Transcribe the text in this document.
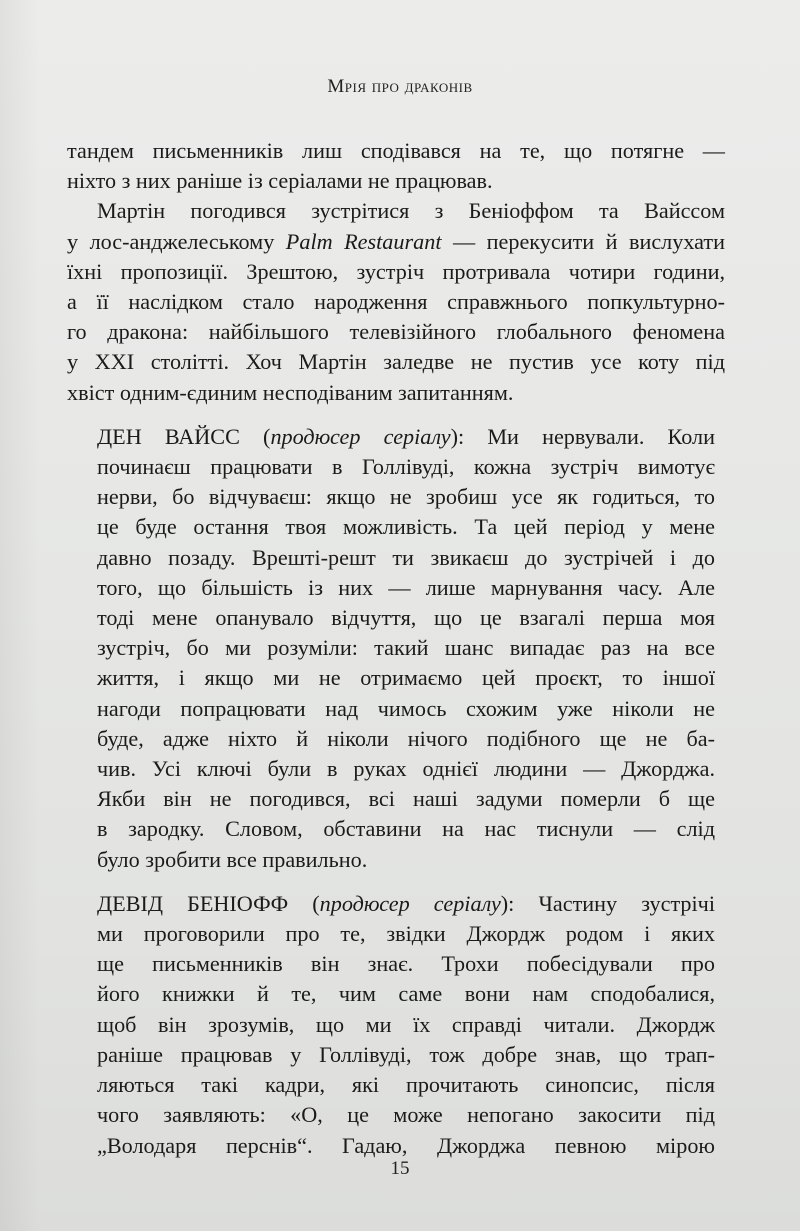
Мрія про драконів

тандем письменників лиш сподівався на те, що потягне —
ніхто з них раніше із серіалами не працював.

Мартін погодився зустрітися з Беніоффом та Вайссом
у лос-анджелеському Palm Restaurant — перекусити й вислухати
їхні пропозиції. Зрештою, зустріч протривала чотири години,
а її наслідком стало народження справжнього попкультурно-
го дракона: найбільшого телевізійного глобального феномена
у XXI столітті. Хоч Мартін заледве не пустив усе коту під
хвіст одним-єдиним несподіваним запитанням.

ДЕН ВАЙСС (продюсер серіалу): Ми нервували. Коли
починаєш працювати в Голлівуді, кожна зустріч вимотує
нерви, бо відчуваєш: якщо не зробиш усе як годиться, то
це буде остання твоя можливість. Та цей період у мене
давно позаду. Врешті-решт ти звикаєш до зустрічей і до
того, що більшість із них — лише марнування часу. Але
тоді мене опанувало відчуття, що це взагалі перша моя
зустріч, бо ми розуміли: такий шанс випадає раз на все
життя, і якщо ми не отримаємо цей проєкт, то іншої
нагоди попрацювати над чимось схожим уже ніколи не
буде, адже ніхто й ніколи нічого подібного ще не ба-
чив. Усі ключі були в руках однієї людини — Джорджа.
Якби він не погодився, всі наші задуми померли б ще
в зародку. Словом, обставини на нас тиснули — слід
було зробити все правильно.
ДЕВІД БЕНІОФФ (продюсер серіалу): Частину зустрічі
ми проговорили про те, звідки Джордж родом і яких
ще письменників він знає. Трохи побесідували про
його книжки й те, чим саме вони нам сподобалися,
щоб він зрозумів, що ми їх справді читали. Джордж
раніше працював у Голлівуді, тож добре знав, що трап-
ляються такі кадри, які прочитають синопсис, після
чого заявляють: «О, це може непогано закосити під
„Володаря перснів“. Гадаю, Джорджа певною мірою
15
